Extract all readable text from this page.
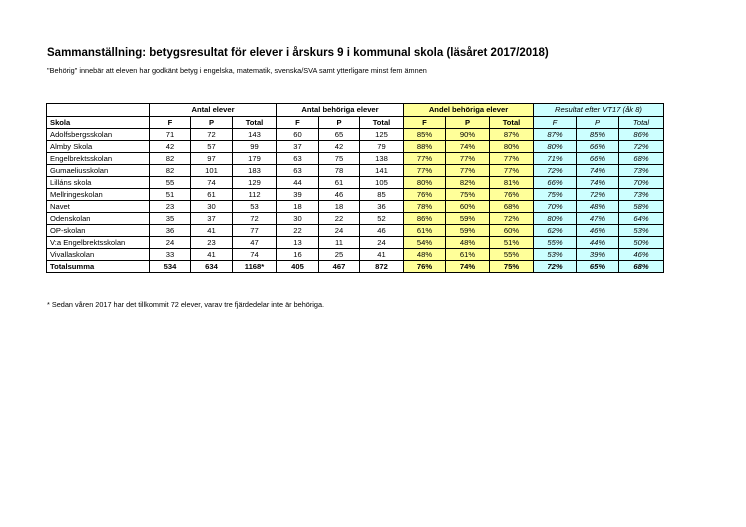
Sammanställning: betygsresultat för elever i årskurs 9 i kommunal skola (läsåret 2017/2018)
"Behörig" innebär att eleven har godkänt betyg i engelska, matematik, svenska/SVA samt ytterligare minst fem ämnen
	Antal elever			Antal behöriga elever			Andel behöriga elever			Resultat efter VT17 (åk 8)		
Skola	F	P	Total	F	P	Total	F	P	Total	F	P	Total
Adolfsbergsskolan	71	72	143	60	65	125	85%	90%	87%	87%	85%	86%
Almby Skola	42	57	99	37	42	79	88%	74%	80%	80%	66%	72%
Engelbrektsskolan	82	97	179	63	75	138	77%	77%	77%	71%	66%	68%
Gumaeliusskolan	82	101	183	63	78	141	77%	77%	77%	72%	74%	73%
Lilláns skola	55	74	129	44	61	105	80%	82%	81%	66%	74%	70%
Mellringeskolan	51	61	112	39	46	85	76%	75%	76%	75%	72%	73%
Navet	23	30	53	18	18	36	78%	60%	68%	70%	48%	58%
Odenskolan	35	37	72	30	22	52	86%	59%	72%	80%	47%	64%
OP-skolan	36	41	77	22	24	46	61%	59%	60%	62%	46%	53%
V:a Engelbrektsskolan	24	23	47	13	11	24	54%	48%	51%	55%	44%	50%
Vivallaskolan	33	41	74	16	25	41	48%	61%	55%	53%	39%	46%
Totalsumma	534	634	1168*	405	467	872	76%	74%	75%	72%	65%	68%
* Sedan våren 2017 har det tillkommit 72 elever, varav tre fjärdedelar inte är behöriga.
